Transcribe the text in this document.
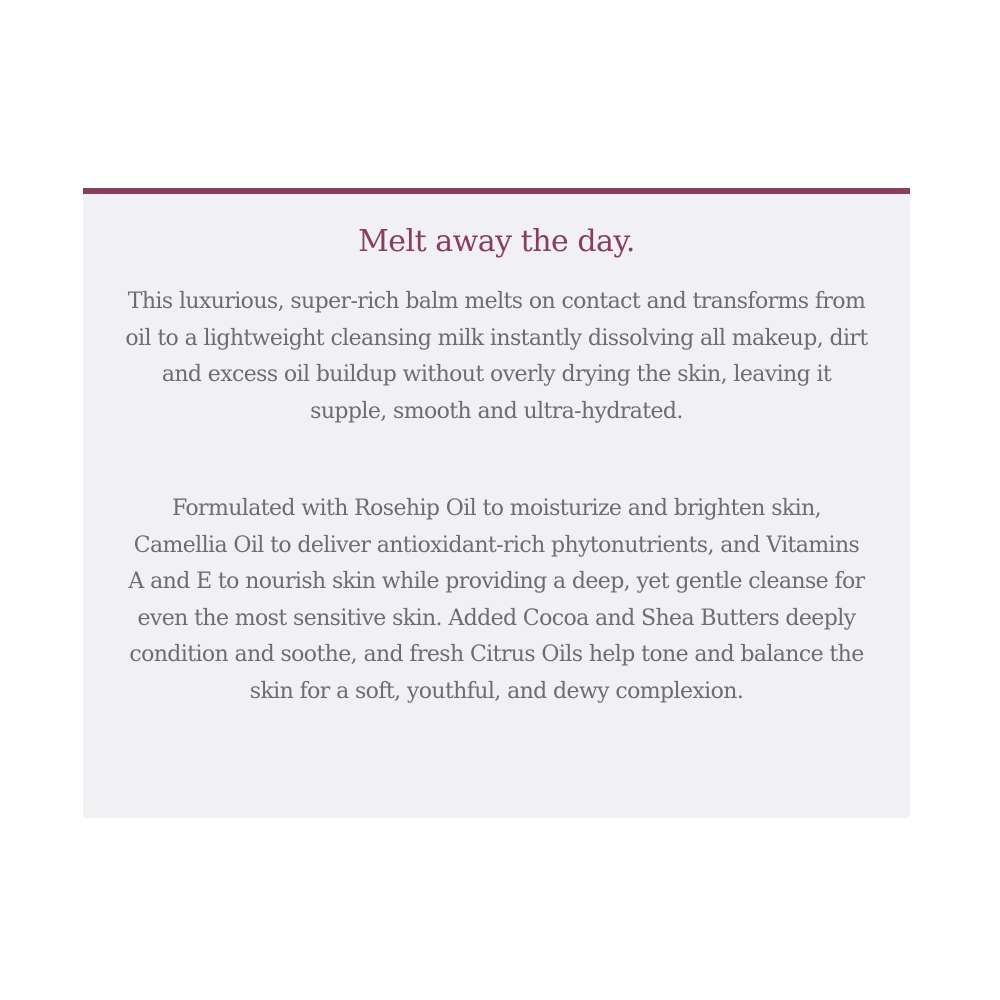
Melt away the day.
This luxurious, super-rich balm melts on contact and transforms from oil to a lightweight cleansing milk instantly dissolving all makeup, dirt and excess oil buildup without overly drying the skin, leaving it supple, smooth and ultra-hydrated.
Formulated with Rosehip Oil to moisturize and brighten skin, Camellia Oil to deliver antioxidant-rich phytonutrients, and Vitamins A and E to nourish skin while providing a deep, yet gentle cleanse for even the most sensitive skin. Added Cocoa and Shea Butters deeply condition and soothe, and fresh Citrus Oils help tone and balance the skin for a soft, youthful, and dewy complexion.
